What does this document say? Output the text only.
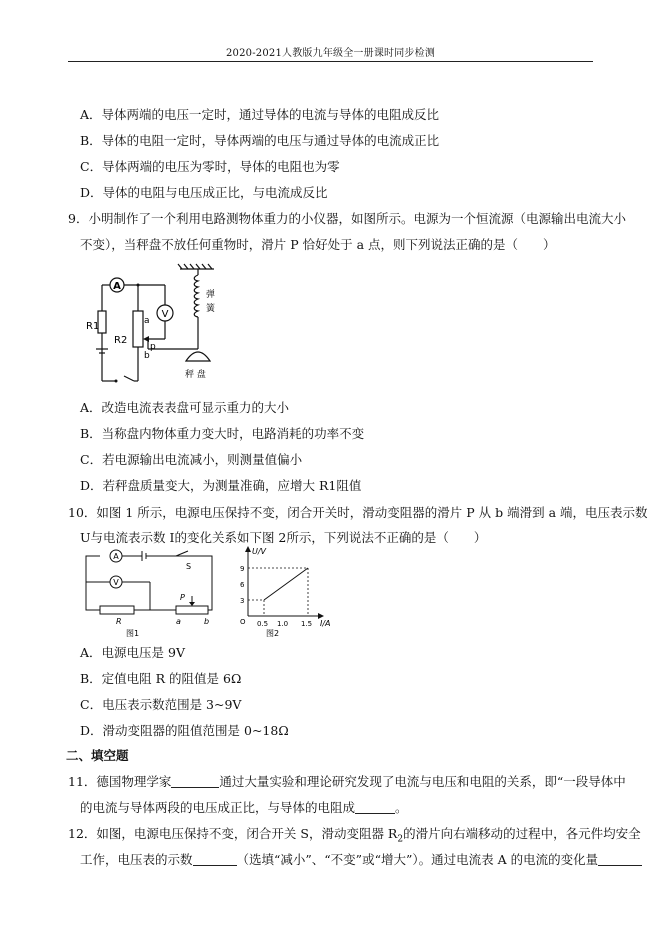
2020-2021人教版九年级全一册课时同步检测
A．导体两端的电压一定时，通过导体的电流与导体的电阻成反比
B．导体的电阻一定时，导体两端的电压与通过导体的电流成正比
C．导体两端的电压为零时，导体的电阻也为零
D．导体的电阻与电压成正比，与电流成反比
9．小明制作了一个利用电路测物体重力的小仪器，如图所示。电源为一个恒流源（电源输出电流大小
不变），当秤盘不放任何重物时，滑片 P 恰好处于 a 点，则下列说法正确的是（　　）
A
V
R1
R2
a
b
p
弹
簧
秤 盘
A．改造电流表表盘可显示重力的大小
B．当称盘内物体重力变大时，电路消耗的功率不变
C．若电源输出电流减小，则测量值偏小
D．若秤盘质量变大，为测量准确，应增大 R1阻值
10．如图 1 所示，电源电压保持不变，闭合开关时，滑动变阻器的滑片 P 从 b 端滑到 a 端，电压表示数
U与电流表示数 I的变化关系如下图 2所示，下列说法不正确的是（　　）
A
V
S
R
P
a	b
图1
U/V
I/A
O
3
6
9
0.5 1.0 1.5
图2
A．电源电压是 9V
B．定值电阻 R 的阻值是 6Ω
C．电压表示数范围是 3~9V
D．滑动变阻器的阻值范围是 0~18Ω
二、填空题
11．德国物理学家	通过大量实验和理论研究发现了电流与电压和电阻的关系，即“一段导体中
的电流与导体两段的电压成正比，与导体的电阻成	。
12．如图，电源电压保持不变，闭合开关 S，滑动变阻器 $R_2$的滑片向右端移动的过程中，各元件均安全
工作，电压表的示数	（选填“减小”、“不变”或“增大”）。通过电流表 A 的电流的变化量
